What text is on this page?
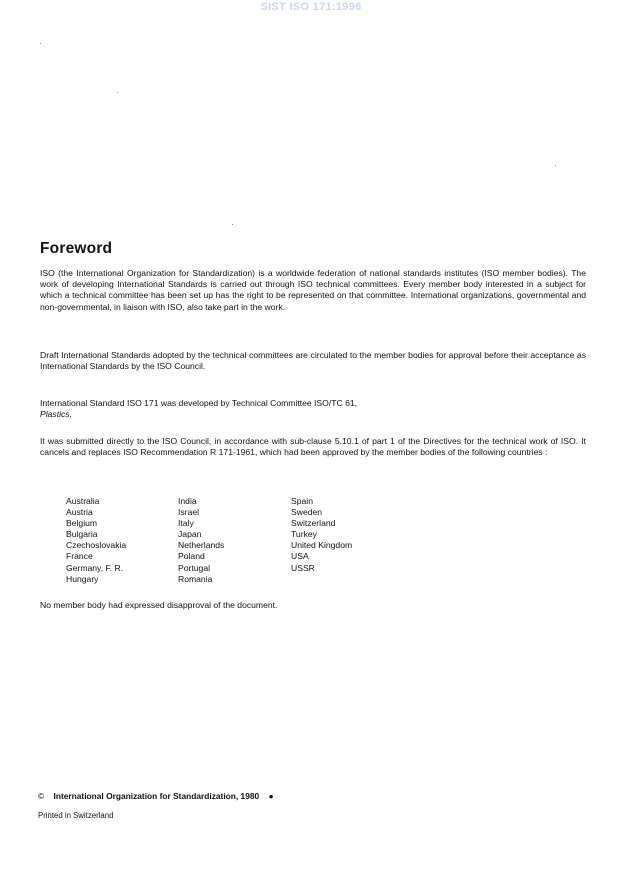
SIST ISO 171:1996
Foreword

ISO (the International Organization for Standardization) is a worldwide federation of national standards institutes (ISO member bodies). The work of developing International Standards is carried out through ISO technical committees. Every member body interested in a subject for which a technical committee has been set up has the right to be represented on that committee. International organizations, governmental and non-governmental, in liaison with ISO, also take part in the work.

Draft International Standards adopted by the technical committees are circulated to the member bodies for approval before their acceptance as International Standards by the ISO Council.

International Standard ISO 171 was developed by Technical Committee ISO/TC 61,
Plastics.

It was submitted directly to the ISO Council, in accordance with sub-clause 5.10.1 of part 1 of the Directives for the technical work of ISO. It cancels and replaces ISO Recommendation R 171-1961, which had been approved by the member bodies of the following countries :

Australia
Austria
Belgium
Bulgaria
Czechoslovakia
France
Germany, F. R.
Hungary
India
Israel
Italy
Japan
Netherlands
Poland
Portugal
Romania
Spain
Sweden
Switzerland
Turkey
United Kingdom
USA
USSR

No member body had expressed disapproval of the document.

© International Organization for Standardization, 1980 ●
Printed in Switzerland
